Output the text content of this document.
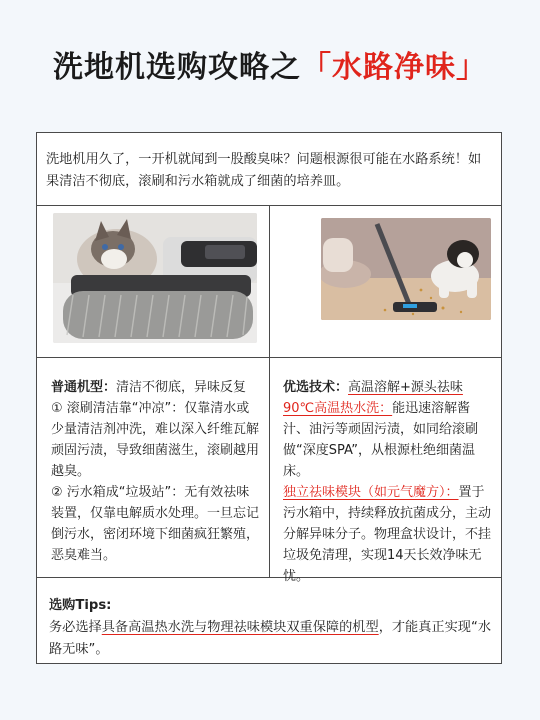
洗地机选购攻略之「水路净味」
洗地机用久了，一开机就闻到一股酸臭味？问题根源很可能在水路系统！如果清洁不彻底，滚刷和污水箱就成了细菌的培养皿。
普通机型：清洁不彻底，异味反复
① 滚刷清洁靠“冲凉”：仅靠清水或少量清洁剂冲洗，难以深入纤维瓦解顽固污渍，导致细菌滋生，滚刷越用越臭。
② 污水箱成“垃圾站”：无有效祛味装置，仅靠电解质水处理。一旦忘记倒污水，密闭环境下细菌疯狂繁殖，恶臭难当。
优选技术：高温溶解+源头祛味
90℃高温热水洗：能迅速溶解酱汁、油污等顽固污渍，如同给滚刷做“深度SPA”，从根源杜绝细菌温床。
独立祛味模块（如元气魔方）：置于污水箱中，持续释放抗菌成分，主动分解异味分子。物理盒状设计，不挂垃圾免清理，实现14天长效净味无忧。
选购Tips:
务必选择具备高温热水洗与物理祛味模块双重保障的机型，才能真正实现“水路无味”。
